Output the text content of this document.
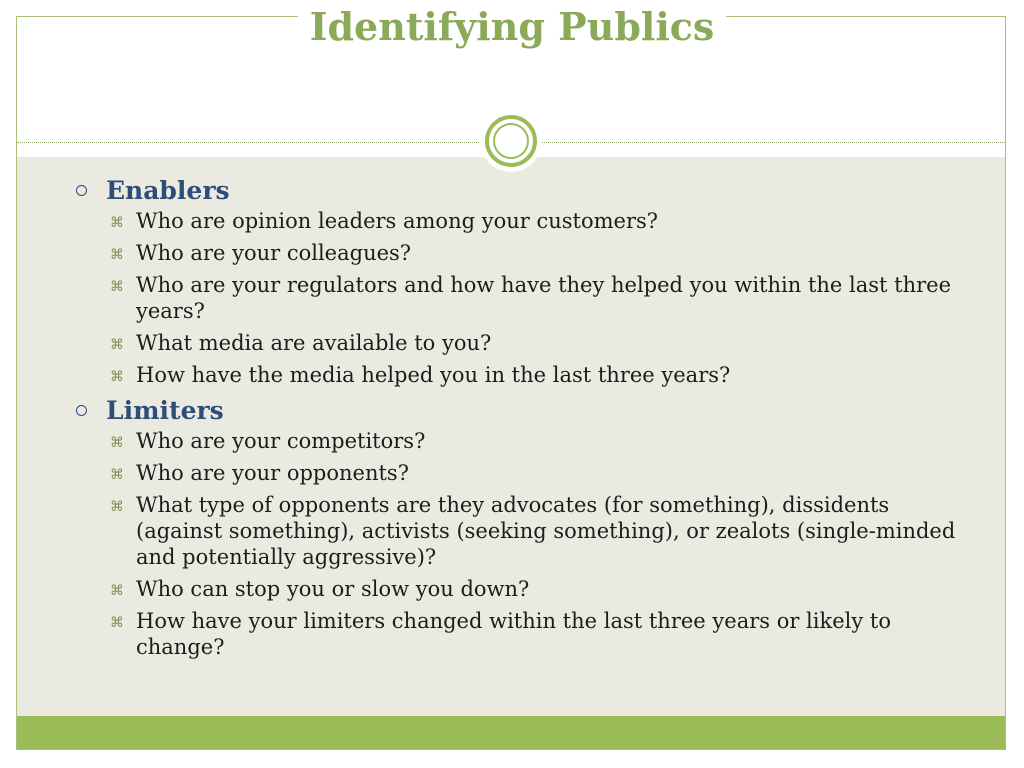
Identifying Publics
Enablers
⌘ Who are opinion leaders among your customers?
⌘ Who are your colleagues?
⌘ Who are your regulators and how have they helped you within the last three years?
⌘ What media are available to you?
⌘ How have the media helped you in the last three years?
Limiters
⌘ Who are your competitors?
⌘ Who are your opponents?
⌘ What type of opponents are they advocates (for something), dissidents (against something), activists (seeking something), or zealots (single-minded and potentially aggressive)?
⌘ Who can stop you or slow you down?
⌘ How have your limiters changed within the last three years or likely to change?
